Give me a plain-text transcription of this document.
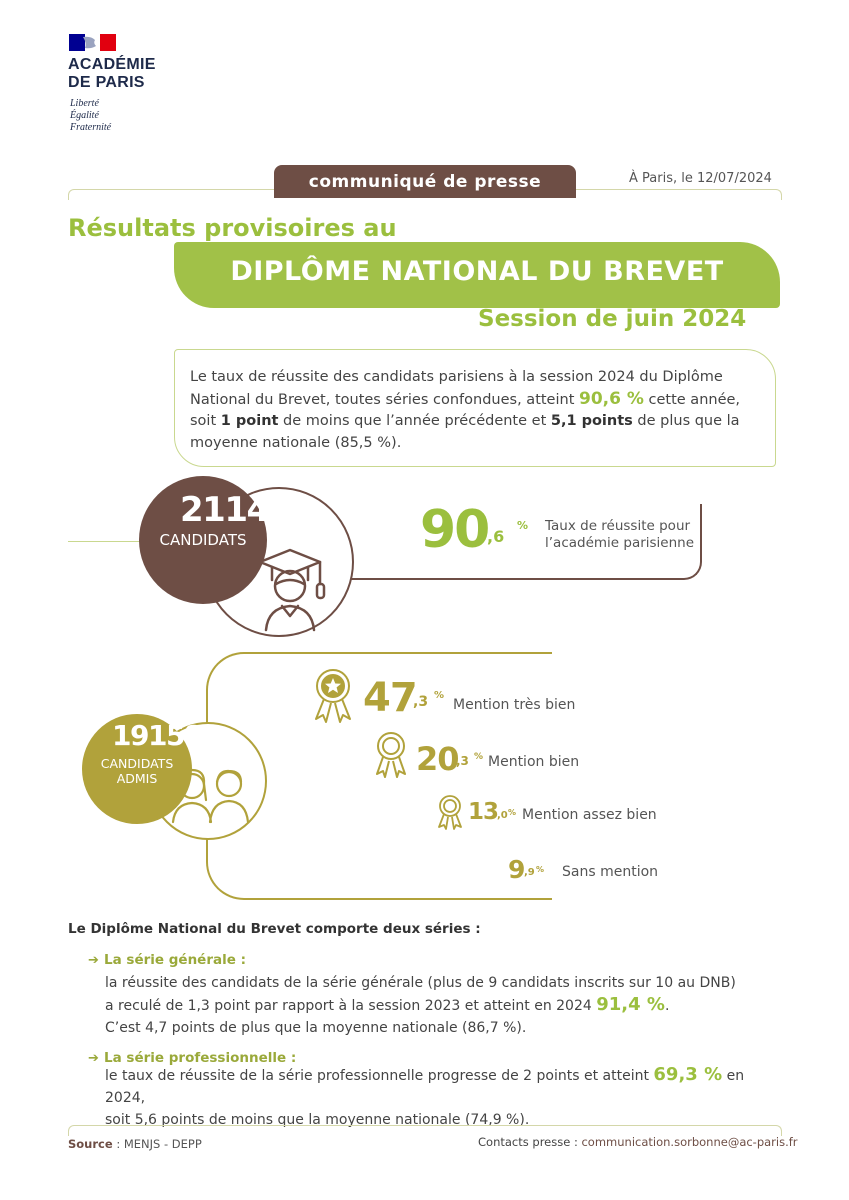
ACADÉMIE
DE PARIS
Liberté
Égalité
Fraternité
communiqué de presse	À Paris, le 12/07/2024
Résultats provisoires au
DIPLÔME NATIONAL DU BREVET
Session de juin 2024
Le taux de réussite des candidats parisiens à la session 2024 du Diplôme National du Brevet, toutes séries confondues, atteint 90,6 % cette année, soit 1 point de moins que l’année précédente et 5,1 points de plus que la moyenne nationale (85,5 %).
21146
CANDIDATS	90
,6
% Taux de réussite pour
l’académie parisienne
19158
CANDIDATS
ADMIS
47
,3 %
Mention très bien
20
,3 % Mention bien
13
,0 % Mention assez bien
9 ,9 % Sans mention
Le Diplôme National du Brevet comporte deux séries :
➔ La série générale :
la réussite des candidats de la série générale (plus de 9 candidats inscrits sur 10 au DNB)
a reculé de 1,3 point par rapport à la session 2023 et atteint en 2024 91,4 %.
C’est 4,7 points de plus que la moyenne nationale (86,7 %).
➔ La série professionnelle :
le taux de réussite de la série professionnelle progresse de 2 points et atteint 69,3 % en 2024,
soit 5,6 points de moins que la moyenne nationale (74,9 %).
Source : MENJS - DEPP	Contacts presse : communication.sorbonne@ac-paris.fr
